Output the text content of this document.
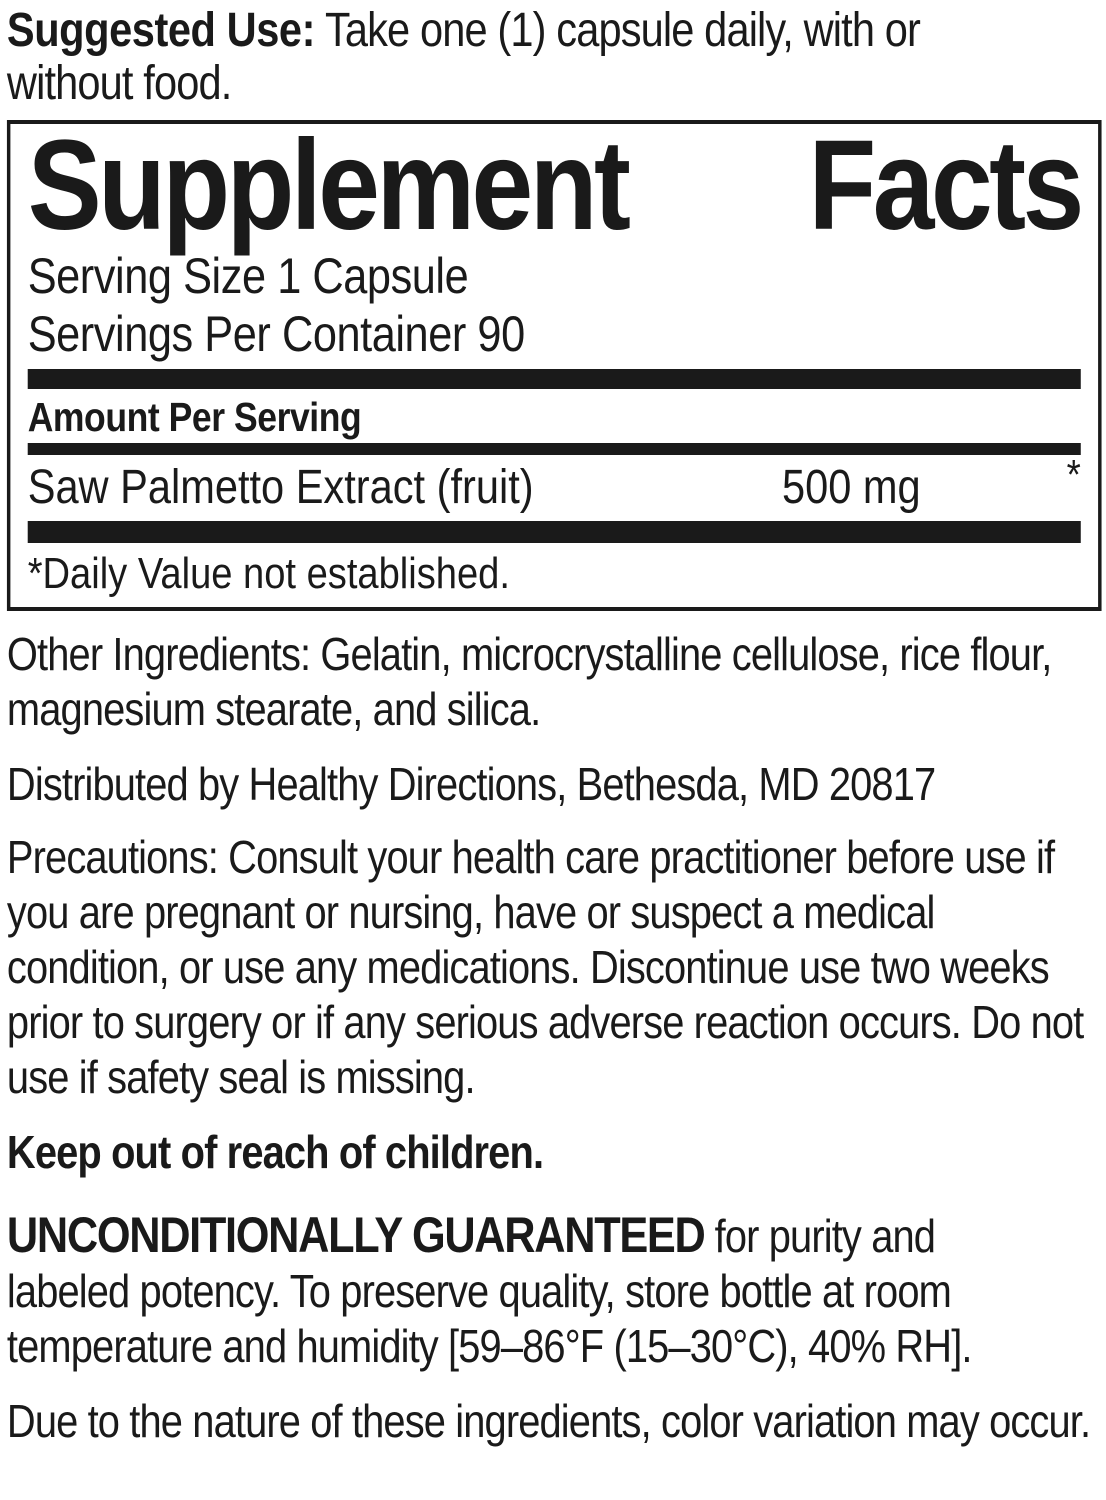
Suggested Use: Take one (1) capsule daily, with or without food.

Supplement Facts
Serving Size 1 Capsule
Servings Per Container 90
Amount Per Serving
Saw Palmetto Extract (fruit)	500 mg	*
*Daily Value not established.

Other Ingredients: Gelatin, microcrystalline cellulose, rice flour, magnesium stearate, and silica.

Distributed by Healthy Directions, Bethesda, MD 20817

Precautions: Consult your health care practitioner before use if you are pregnant or nursing, have or suspect a medical condition, or use any medications. Discontinue use two weeks prior to surgery or if any serious adverse reaction occurs. Do not use if safety seal is missing.

Keep out of reach of children.

UNCONDITIONALLY GUARANTEED for purity and labeled potency. To preserve quality, store bottle at room temperature and humidity [59–86°F (15–30°C), 40% RH].

Due to the nature of these ingredients, color variation may occur.
